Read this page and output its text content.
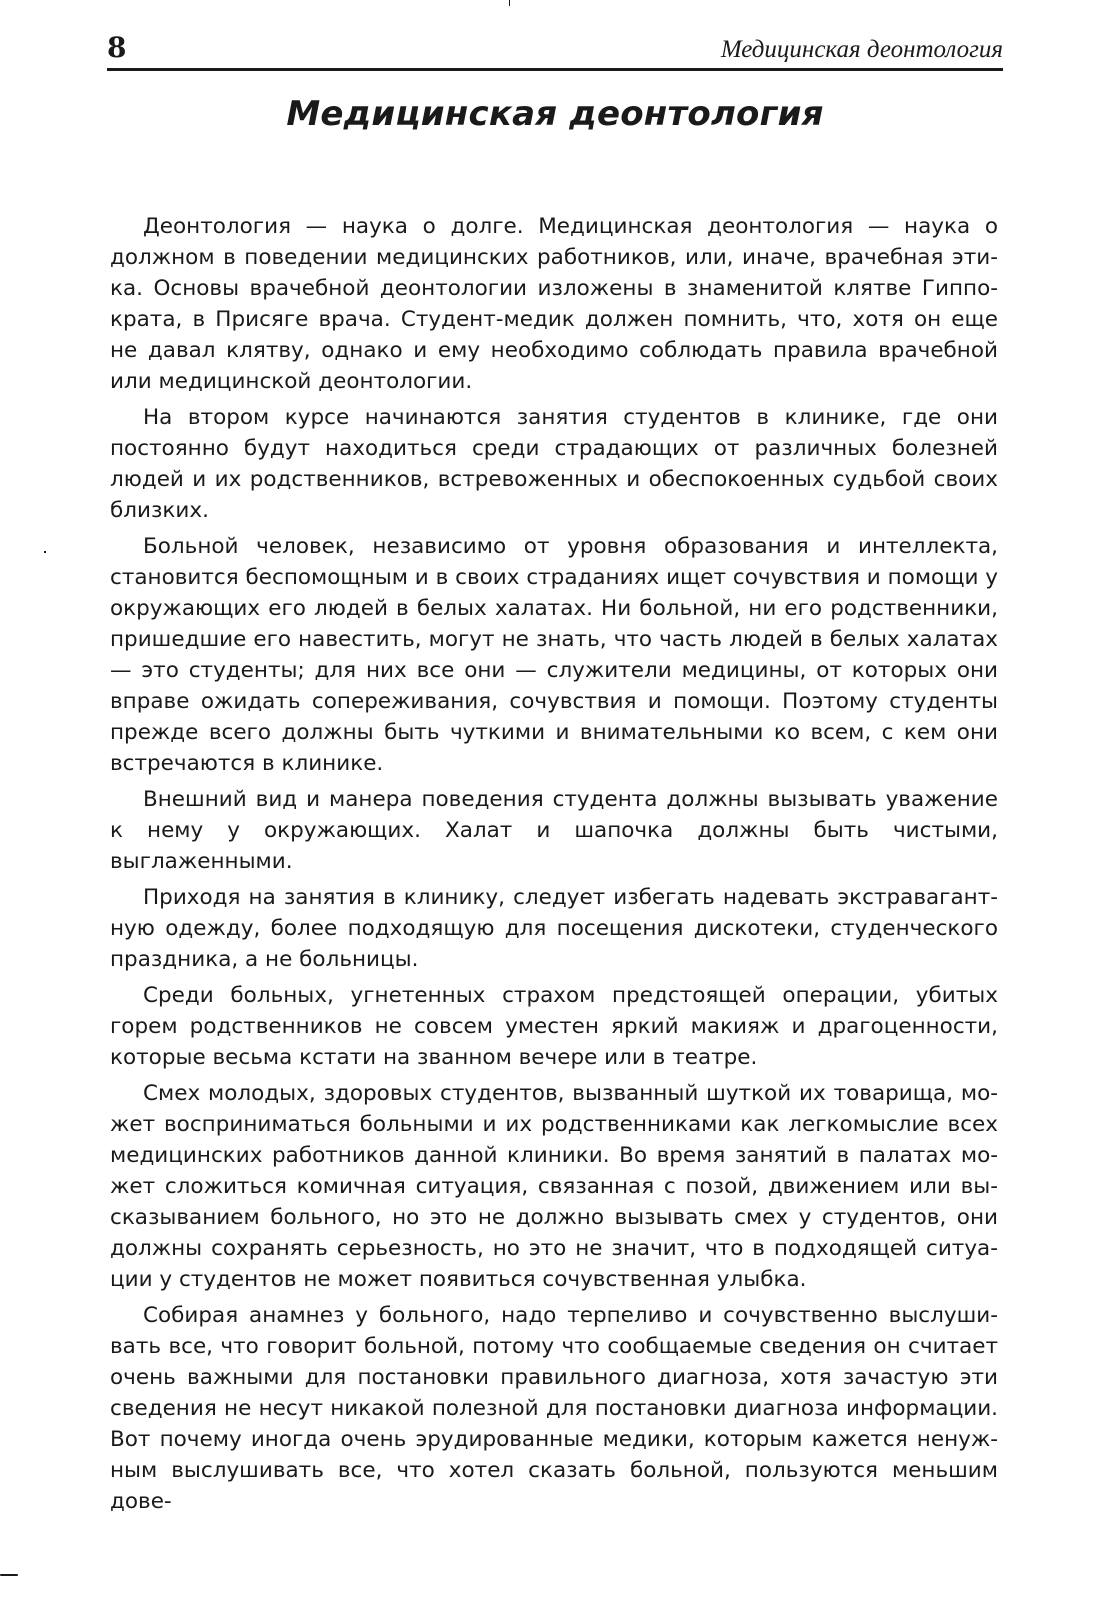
8	Медицинская деонтология
Медицинская деонтология

Деонтология — наука о долге. Медицинская деонтология — наука о должном в поведении медицинских работников, или, иначе, врачебная этика. Основы врачебной деонтологии изложены в знаменитой клятве Гиппократа, в Присяге врача. Студент-медик должен помнить, что, хотя он еще не давал клятву, однако и ему необходимо соблюдать правила врачебной или медицинской деонтологии.

На втором курсе начинаются занятия студентов в клинике, где они постоянно будут находиться среди страдающих от различных болезней людей и их родственников, встревоженных и обеспокоенных судьбой своих близких.

Больной человек, независимо от уровня образования и интеллекта, становится беспомощным и в своих страданиях ищет сочувствия и помощи у окружающих его людей в белых халатах. Ни больной, ни его родственники, пришедшие его навестить, могут не знать, что часть людей в белых халатах — это студенты; для них все они — служители медицины, от которых они вправе ожидать сопереживания, сочувствия и помощи. Поэтому студенты прежде всего должны быть чуткими и внимательными ко всем, с кем они встречаются в клинике.

Внешний вид и манера поведения студента должны вызывать уважение к нему у окружающих. Халат и шапочка должны быть чистыми, выглаженными.

Приходя на занятия в клинику, следует избегать надевать экстравагантную одежду, более подходящую для посещения дискотеки, студенческого праздника, а не больницы.

Среди больных, угнетенных страхом предстоящей операции, убитых горем родственников не совсем уместен яркий макияж и драгоценности, которые весьма кстати на званном вечере или в театре.

Смех молодых, здоровых студентов, вызванный шуткой их товарища, может восприниматься больными и их родственниками как легкомыслие всех медицинских работников данной клиники. Во время занятий в палатах может сложиться комичная ситуация, связанная с позой, движением или высказыванием больного, но это не должно вызывать смех у студентов, они должны сохранять серьезность, но это не значит, что в подходящей ситуации у студентов не может появиться сочувственная улыбка.

Собирая анамнез у больного, надо терпеливо и сочувственно выслушивать все, что говорит больной, потому что сообщаемые сведения он считает очень важными для постановки правильного диагноза, хотя зачастую эти сведения не несут никакой полезной для постановки диагноза информации. Вот почему иногда очень эрудированные медики, которым кажется ненужным выслушивать все, что хотел сказать больной, пользуются меньшим дове-
